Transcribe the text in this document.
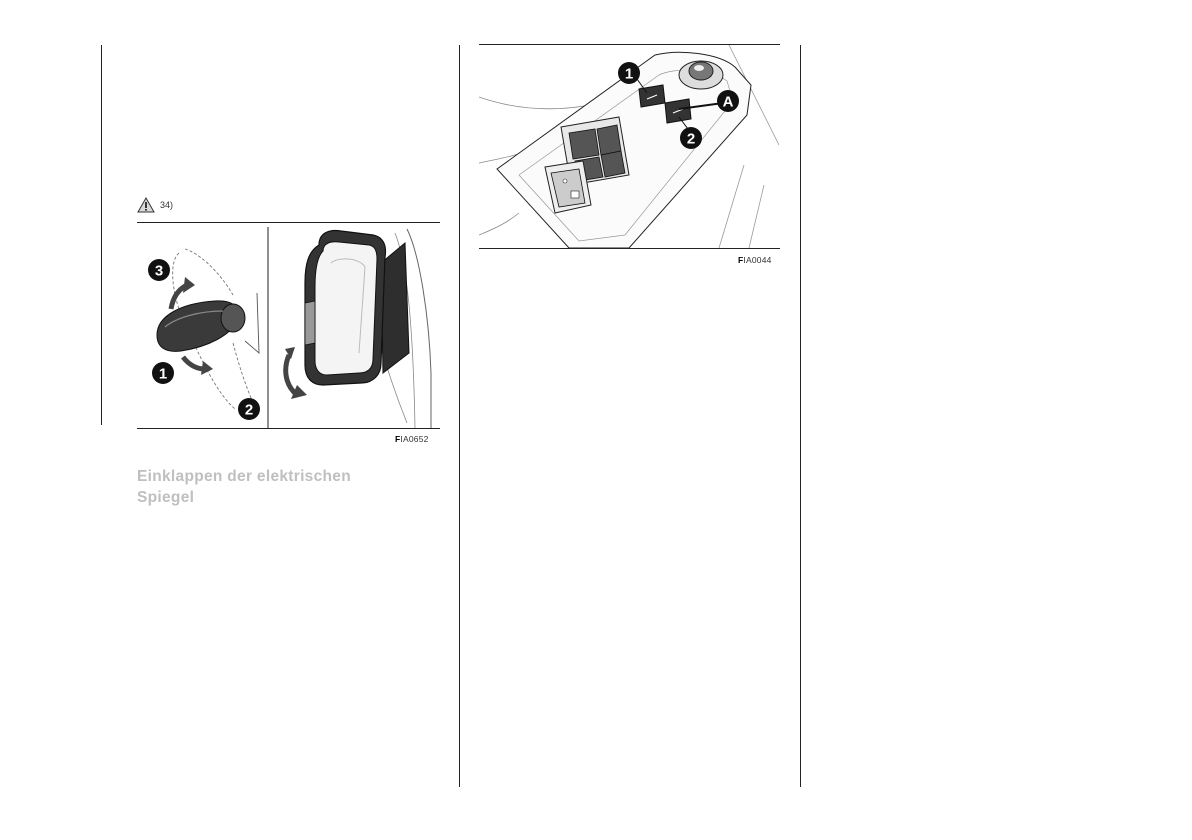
34)
3
1
2
FIA0652
Einklappen der elektrischen
Spiegel
1
A
2
FIA0044
